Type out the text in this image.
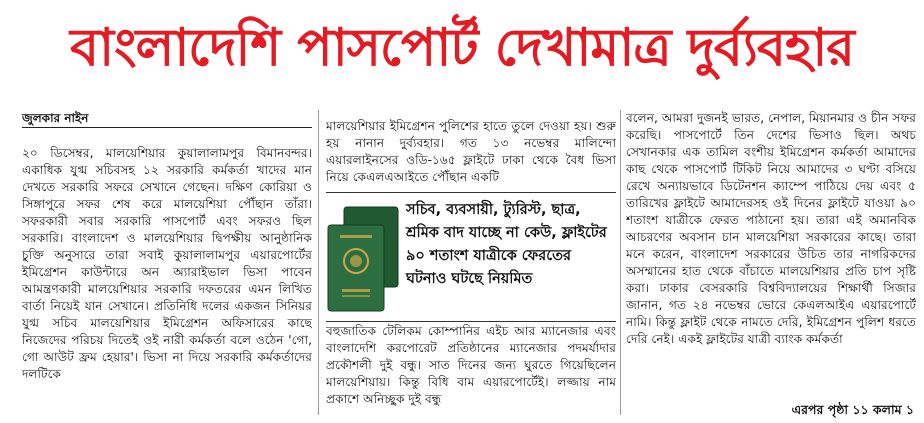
বাংলাদেশি পাসপোর্ট দেখামাত্র দুর্ব্যবহার
জুলকার নাইন

২০ ডিসেম্বর, মালয়েশিয়ার কুয়ালালামপুর বিমানবন্দর। একাধিক যুগ্ম সচিবসহ ১২ সরকারি কর্মকর্তা খাদের মান দেখতে সরকারি সফরে সেখানে গেছেন। দক্ষিণ কোরিয়া ও সিঙ্গাপুরে সফর শেষ করে মালয়েশিয়া পৌঁছান তাঁরা। সফরকারী সবার সরকারি পাসপোর্ট এবং সফরও ছিল সরকারি। বাংলাদেশ ও মালয়েশিয়ার দ্বিপক্ষীয় আনুষ্ঠানিক চুক্তি অনুসারে তারা সবাই কুয়ালালামপুর এয়ারপোর্টের ইমিগ্রেশন কাউন্টারে অন অ্যারাইভাল ভিসা পাবেন আমন্ত্রণকারী মালয়েশিয়ার সরকারি দফতরের এমন লিখিত বার্তা নিয়েই যান সেখানে। প্রতিনিধি দলের একজন সিনিয়র যুগ্ম সচিব মালয়েশিয়ার ইমিগ্রেশন অফিসারের কাছে নিজেদের পরিচয় দিতেই ওই নারী কর্মকর্তা বলে ওঠেন 'গো, গো আউট ফ্রম হেয়ার'। ভিসা না দিয়ে সরকারি কর্মকর্তাদের দলটিকে

মালয়েশিয়ার ইমিগ্রেশন পুলিশের হাতে তুলে দেওয়া হয়। শুরু হয় নানান দুর্ব্যবহার। গত ১৩ নভেম্বর মালিন্দো এয়ারলাইনসের ওডি-১৬৫ ফ্লাইটে ঢাকা থেকে বৈধ ভিসা নিয়ে কেএলএআইতে পৌঁছান একটি

সচিব, ব্যবসায়ী, ট্যুরিস্ট, ছাত্র, শ্রমিক বাদ যাচ্ছে না কেউ, ফ্লাইটের ৯০ শতাংশ যাত্রীকে ফেরতের ঘটনাও ঘটছে নিয়মিত

বহুজাতিক টেলিকম কোম্পানির এইচ আর ম্যানেজার এবং বাংলাদেশি করপোরেট প্রতিষ্ঠানের ম্যানেজার পদমর্যাদার প্রকৌশলী দুই বন্ধু। সাত দিনের জন্য ঘুরতে গিয়েছিলেন মালয়েশিয়ায়। কিন্তু বিধি বাম এয়ারপোর্টেই। লজ্জায় নাম প্রকাশে অনিচ্ছুক দুই বন্ধু

বলেন, আমরা দুজনই ভারত, নেপাল, মিয়ানমার ও চীন সফর করেছি। পাসপোর্টে তিন দেশের ভিসাও ছিল। অথচ সেখানকার এক তামিল বংশীয় ইমিগ্রেশন কর্মকর্তা আমাদের কাছ থেকে পাসপোর্ট টিকিট নিয়ে আমাদের ৩ ঘণ্টা বসিয়ে রেখে অন্যায়ভাবে ডিটেনশন ক্যাম্পে পাঠিয়ে দেয় এবং ৫ তারিখের ফ্লাইটে আমাদেরসহ ওই দিনের ফ্লাইটে যাওয়া ৯০ শতাংশ যাত্রীকে ফেরত পাঠানো হয়। তারা এই অমানবিক আচরণের অবসান চান মালয়েশিয়া সরকারের কাছে। তারা মনে করেন, বাংলাদেশ সরকারের উচিত তার নাগরিকদের অসম্মানের হাত থেকে বাঁচাতে মালয়েশিয়ার প্রতি চাপ সৃষ্টি করা। ঢাকার বেসরকারি বিশ্ববিদ্যালয়ের শিক্ষার্থী সিজার জানান, গত ২৪ নভেম্বর ভোরে কেএলআইএ এয়ারপোর্টে নামি। কিন্তু ফ্লাইট থেকে নামতে দেরি, ইমিগ্রেশন পুলিশ ধরতে দেরি নেই। একই ফ্লাইটের যাত্রী ব্যাংক কর্মকর্তা

এরপর পৃষ্ঠা ১১ কলাম ১
